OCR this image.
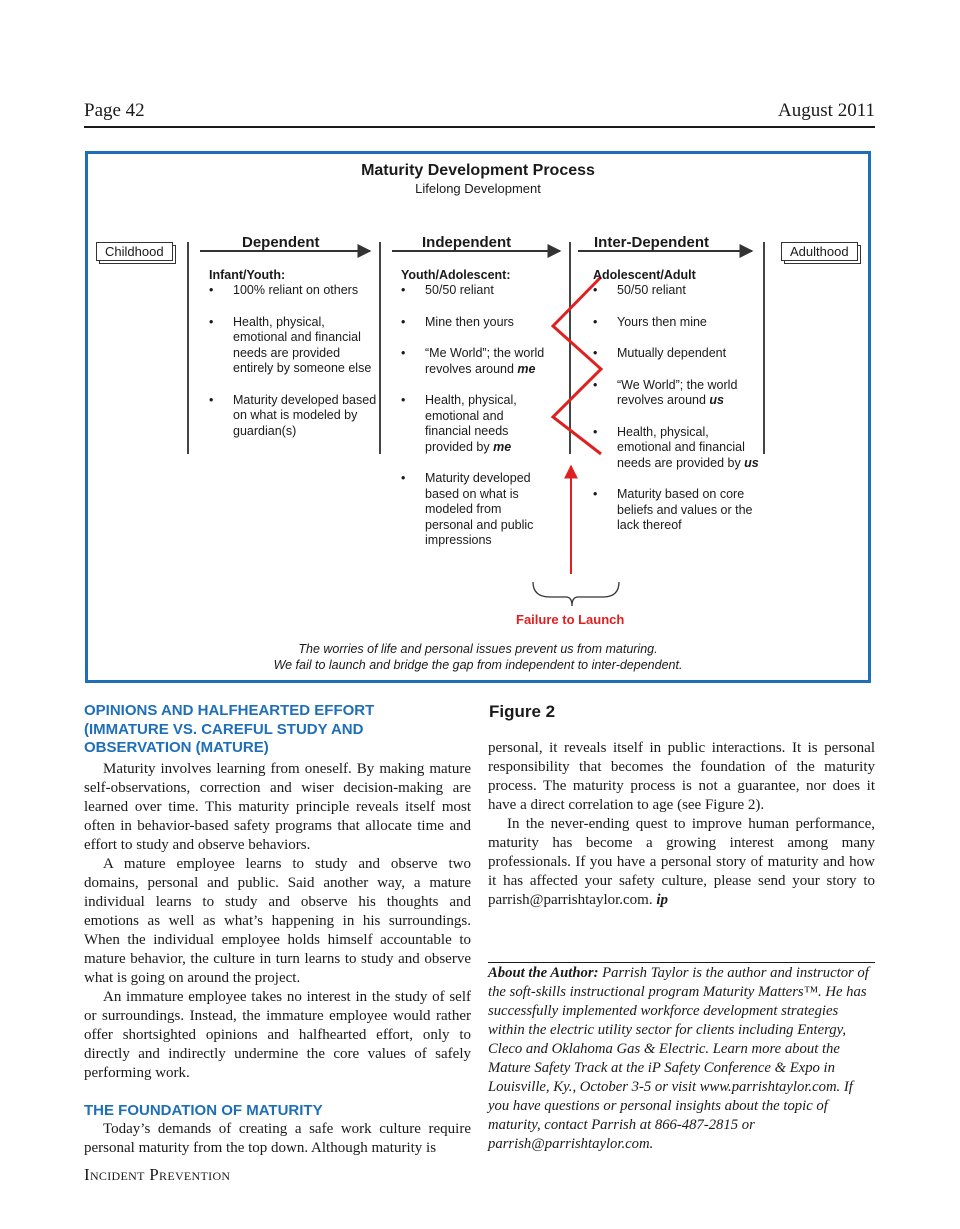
Page 42	August 2011
Maturity Development Process
Lifelong Development
Childhood	Adulthood
Dependent	Independent	Inter-Dependent
Infant/Youth:
• 100% reliant on others
• Health, physical, emotional and financial needs are provided entirely by someone else
• Maturity developed based on what is modeled by guardian(s)
Youth/Adolescent:
• 50/50 reliant
• Mine then yours
• “Me World”; the world revolves around me
• Health, physical, emotional and financial needs provided by me
• Maturity developed based on what is modeled from personal and public impressions
Adolescent/Adult
• 50/50 reliant
• Yours then mine
• Mutually dependent
• “We World”; the world revolves around us
• Health, physical, emotional and financial needs are provided by us
• Maturity based on core beliefs and values or the lack thereof
Failure to Launch
The worries of life and personal issues prevent us from maturing.
We fail to launch and bridge the gap from independent to inter-dependent.
OPINIONS AND HALFHEARTED EFFORT
(IMMATURE VS. CAREFUL STUDY AND
OBSERVATION (MATURE)

Maturity involves learning from oneself. By making mature self-observations, correction and wiser decision-making are learned over time. This maturity principle reveals itself most often in behavior-based safety programs that allocate time and effort to study and observe behaviors.

A mature employee learns to study and observe two domains, personal and public. Said another way, a mature individual learns to study and observe his thoughts and emotions as well as what’s happening in his surroundings. When the individual employee holds himself accountable to mature behavior, the culture in turn learns to study and observe what is going on around the project.

An immature employee takes no interest in the study of self or surroundings. Instead, the immature employee would rather offer shortsighted opinions and halfhearted effort, only to directly and indirectly undermine the core values of safely performing work.

THE FOUNDATION OF MATURITY

Today’s demands of creating a safe work culture require personal maturity from the top down. Although maturity is

Figure 2

personal, it reveals itself in public interactions. It is personal responsibility that becomes the foundation of the maturity process. The maturity process is not a guarantee, nor does it have a direct correlation to age (see Figure 2).

In the never-ending quest to improve human performance, maturity has become a growing interest among many professionals. If you have a personal story of maturity and how it has affected your safety culture, please send your story to parrish@parrishtaylor.com. ip

About the Author: Parrish Taylor is the author and instructor of the soft-skills instructional program Maturity Matters™. He has successfully implemented workforce development strategies within the electric utility sector for clients including Entergy, Cleco and Oklahoma Gas & Electric. Learn more about the Mature Safety Track at the iP Safety Conference & Expo in Louisville, Ky., October 3-5 or visit www.parrishtaylor.com. If you have questions or personal insights about the topic of maturity, contact Parrish at 866-487-2815 or parrish@parrishtaylor.com.
Incident Prevention
